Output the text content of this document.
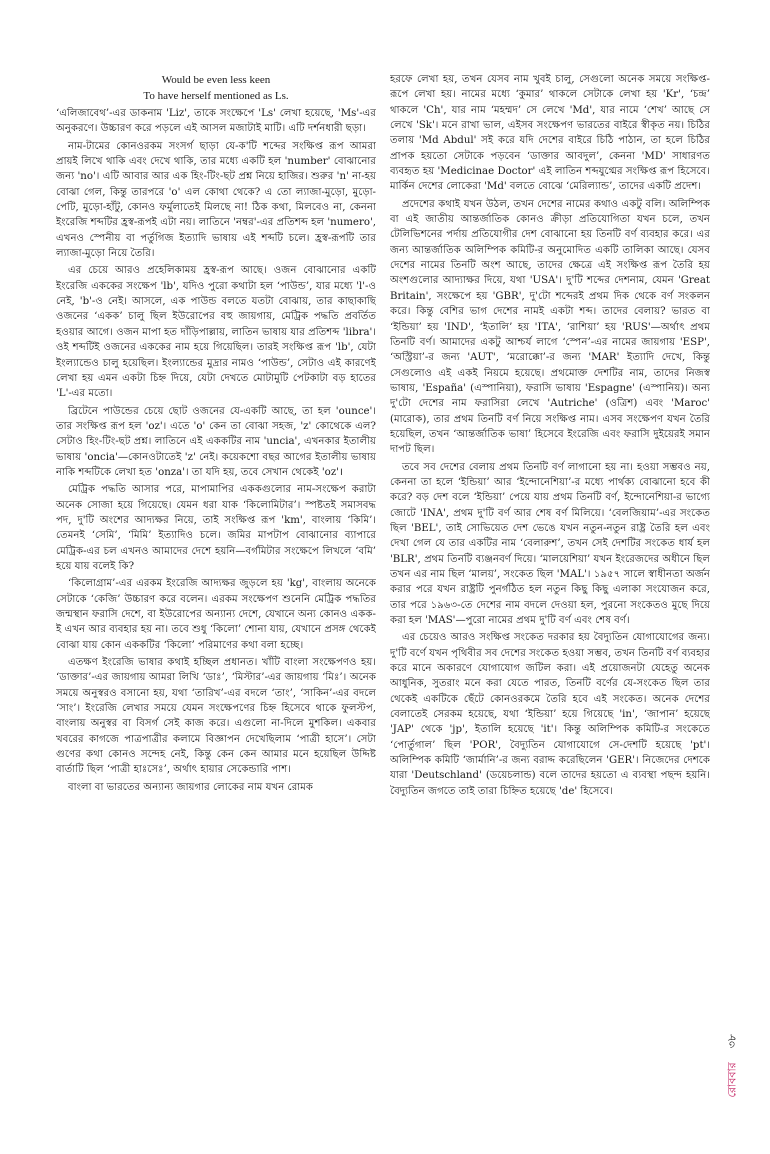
Would be even less keen
To have herself mentioned as Ls.

‘এলিজাবেথ’-এর ডাকনাম 'Liz', তাকে সংক্ষেপে 'Ls' লেখা হয়েছে, 'Ms'-এর অনুকরণে। উচ্চারণ করে পড়লে এই আসল মজাটাই মাটি। এটি দর্শনধারী ছড়া।

নাম-টামের কোনওরকম সংসর্গ ছাড়া যে-ক'টি শব্দের সংক্ষিপ্ত রূপ আমরা প্রায়ই লিখে থাকি এবং দেখে থাকি, তার মধ্যে একটি হল 'number' বোঝানোর জন্য 'no'। এটি আবার আর এক হিং-টিং-ছট প্রশ্ন নিয়ে হাজির। শুরুর 'n' না-হয় বোঝা গেল, কিন্তু তারপরে 'o' এল কোথা থেকে? এ তো ল্যাজা-মুড়ো, মুড়ো-পেটি, মুড়ো-হাঁটু, কোনও ফর্মুলাতেই মিলছে না! ঠিক কথা, মিলবেও না, কেননা ইংরেজি শব্দটির হ্রস্ব-রূপই এটা নয়। লাতিনে 'নম্বর'-এর প্রতিশব্দ হল 'numero', এখনও স্পেনীয় বা পর্তুগিজ ইত্যাদি ভাষায় এই শব্দটি চলে। হ্রস্ব-রূপটি তার ল্যাজা-মুড়ো নিয়ে তৈরি।

এর চেয়ে আরও প্রহেলিকাময় হ্রস্ব-রূপ আছে। ওজন বোঝানোর একটি ইংরেজি এককের সংক্ষেপ 'lb', যদিও পুরো কথাটা হল ‘পাউন্ড’, যার মধ্যে 'l'-ও নেই, 'b'-ও নেই। আসলে, এক পাউন্ড বলতে যতটা বোঝায়, তার কাছাকাছি ওজনের ‘একক’ চালু ছিল ইউরোপের বহু জায়গায়, মেট্রিক পদ্ধতি প্রবর্তিত হওয়ার আগে। ওজন মাপা হত দাঁড়িপাল্লায়, লাতিন ভাষায় যার প্রতিশব্দ 'libra'। ওই শব্দটিই ওজনের এককের নাম হয়ে গিয়েছিল। তারই সংক্ষিপ্ত রূপ 'lb', যেটা ইংল্যান্ডেও চালু হয়েছিল। ইংল্যান্ডের মুদ্রার নামও ‘পাউন্ড’, সেটাও এই কারণেই লেখা হয় এমন একটা চিহ্ন দিয়ে, যেটা দেখতে মোটামুটি পেটকাটা বড় হাতের 'L'-এর মতো।

ব্রিটেনে পাউন্ডের চেয়ে ছোট ওজনের যে-একটি আছে, তা হল 'ounce'। তার সংক্ষিপ্ত রূপ হল 'oz'। এতে 'o' কেন তা বোঝা সহজ, 'z' কোথেকে এল? সেটাও হিং-টিং-ছট প্রশ্ন। লাতিনে এই এককটির নাম 'uncia', এখনকার ইতালীয় ভাষায় 'oncia'—কোনওটাতেই 'z' নেই। কয়েকশো বছর আগের ইতালীয় ভাষায় নাকি শব্দটিকে লেখা হত 'onza'। তা যদি হয়, তবে সেখান থেকেই 'oz'।

মেট্রিক পদ্ধতি আসার পরে, মাপামাপির এককগুলোর নাম-সংক্ষেপ করাটা অনেক সোজা হয়ে গিয়েছে। যেমন ধরা যাক ‘কিলোমিটার’। স্পষ্টতই সমাসবদ্ধ পদ, দু'টি অংশের আদ্যক্ষর নিয়ে, তাই সংক্ষিপ্ত রূপ 'km', বাংলায় ‘কিমি’। তেমনই ‘সেমি’, ‘মিমি’ ইত্যাদিও চলে। জমির মাপটাপ বোঝানোর ব্যাপারে মেট্রিক-এর চল এখনও আমাদের দেশে হয়নি—বর্গমিটার সংক্ষেপে লিখলে ‘বমি’ হয়ে যায় বলেই কি?

‘কিলোগ্রাম’-এর এরকম ইংরেজি আদ্যক্ষর জুড়লে হয় 'kg', বাংলায় অনেকে সেটাকে ‘কেজি’ উচ্চারণ করে বলেন। এরকম সংক্ষেপণ শুনেনি মেট্রিক পদ্ধতির জন্মস্থান ফরাসি দেশে, বা ইউরোপের অন্যান্য দেশে, যেখানে অন্য কোনও একক-ই এখন আর ব্যবহার হয় না। তবে শুধু ‘কিলো’ শোনা যায়, যেখানে প্রসঙ্গ থেকেই বোঝা যায় কোন এককটির ‘কিলো’ পরিমাণের কথা বলা হচ্ছে।

এতক্ষণ ইংরেজি ভাষার কথাই হচ্ছিল প্রধানত। খাঁটি বাংলা সংক্ষেপণও হয়। ‘ডাক্তার’-এর জায়গায় আমরা লিখি ‘ডাঃ’, ‘মিস্টার’-এর জায়গায় ‘মিঃ’। অনেক সময়ে অনুস্বরও বসানো হয়, যথা ‘তারিখ’-এর বদলে ‘তাং’, ‘সাকিন’-এর বদলে ‘সাং’। ইংরেজি লেখার সময়ে যেমন সংক্ষেপণের চিহ্ন হিসেবে থাকে ফুলস্টপ, বাংলায় অনুস্বর বা বিসর্গ সেই কাজ করে। এগুলো না-দিলে মুশকিল। একবার খবরের কাগজে পাত্রপাত্রীর কলামে বিজ্ঞাপন দেখেছিলাম ‘পাত্রী হাসে’। সেটা গুণের কথা কোনও সন্দেহ নেই, কিন্তু কেন কেন আমার মনে হয়েছিল উদ্দিষ্ট বার্তাটি ছিল ‘পাত্রী হাঃসেঃ’, অর্থাৎ হায়ার সেকেন্ডারি পাশ।

বাংলা বা ভারতের অন্যান্য জায়গার লোকের নাম যখন রোমক

হরফে লেখা হয়, তখন যেসব নাম খুবই চালু, সেগুলো অনেক সময়ে সংক্ষিপ্ত-রূপে লেখা হয়। নামের মধ্যে ‘কুমার’ থাকলে সেটাকে লেখা হয় 'Kr', ‘চন্দ্র’ থাকলে 'Ch', যার নাম ‘মহম্মদ’ সে লেখে 'Md', যার নামে ‘শেখ’ আছে সে লেখে 'Sk'। মনে রাখা ভাল, এইসব সংক্ষেপণ ভারতের বাইরে স্বীকৃত নয়। চিঠির তলায় 'Md Abdul' সই করে যদি দেশের বাইরে চিঠি পাঠান, তা হলে চিঠির প্রাপক হয়তো সেটাকে পড়বেন ‘ডাক্তার আবদুল’, কেননা 'MD' সাধারণত ব্যবহৃত হয় 'Medicinae Doctor' এই লাতিন শব্দযুগ্মের সংক্ষিপ্ত রূপ হিসেবে। মার্কিন দেশের লোকেরা 'Md' বলতে বোঝে ‘মেরিল্যান্ড’, তাদের একটি প্রদেশ।

প্রদেশের কথাই যখন উঠল, তখন দেশের নামের কথাও একটু বলি। অলিম্পিক বা এই জাতীয় আন্তর্জাতিক কোনও ক্রীড়া প্রতিযোগিতা যখন চলে, তখন টেলিভিশনের পর্দায় প্রতিযোগীর দেশ বোঝানো হয় তিনটি বর্ণ ব্যবহার করে। এর জন্য আন্তর্জাতিক অলিম্পিক কমিটি-র অনুমোদিত একটি তালিকা আছে। যেসব দেশের নামের তিনটি অংশ আছে, তাদের ক্ষেত্রে এই সংক্ষিপ্ত রূপ তৈরি হয় অংশগুলোর আদ্যাক্ষর দিয়ে, যথা 'USA'। দু'টি শব্দের দেশনাম, যেমন 'Great Britain', সংক্ষেপে হয় 'GBR', দু'টো শব্দেরই প্রথম দিক থেকে বর্ণ সংকলন করে। কিন্তু বেশির ভাগ দেশের নামই একটা শব্দ। তাদের বেলায়? ভারত বা ‘ইন্ডিয়া’ হয় 'IND', ‘ইতালি’ হয় 'ITA', ‘রাশিয়া’ হয় 'RUS'—অর্থাৎ প্রথম তিনটি বর্ণ। আমাদের একটু আশ্চর্য লাগে ‘স্পেন’-এর নামের জায়গায় 'ESP', ‘অস্ট্রিয়া’-র জন্য 'AUT', ‘মরোক্কো’-র জন্য 'MAR' ইত্যাদি দেখে, কিন্তু সেগুলোও এই একই নিয়মে হয়েছে। প্রথমোক্ত দেশটির নাম, তাদের নিজস্ব ভাষায়, 'España' (এস্পানিয়া), ফরাসি ভাষায় 'Espagne' (এস্পানিয়)। অন্য দু'টো দেশের নাম ফরাসিরা লেখে 'Autriche' (ওত্রিশ) এবং 'Maroc' (মারোক), তার প্রথম তিনটি বর্ণ নিয়ে সংক্ষিপ্ত নাম। এসব সংক্ষেপণ যখন তৈরি হয়েছিল, তখন ‘আন্তর্জাতিক ভাষা’ হিসেবে ইংরেজি এবং ফরাসি দুইয়েরই সমান দাপট ছিল।

তবে সব দেশের বেলায় প্রথম তিনটি বর্ণ লাগানো হয় না। হওয়া সম্ভবও নয়, কেননা তা হলে ‘ইন্ডিয়া’ আর ‘ইন্দোনেশিয়া’-র মধ্যে পার্থক্য বোঝানো হবে কী করে? বড় দেশ বলে ‘ইন্ডিয়া’ পেয়ে যায় প্রথম তিনটি বর্ণ, ইন্দোনেশিয়া-র ভাগ্যে জোটে 'INA', প্রথম দু'টি বর্ণ আর শেষ বর্ণ মিলিয়ে। ‘বেলজিয়াম’-এর সংকেত ছিল 'BEL', তাই সোভিয়েত দেশ ভেঙে যখন নতুন-নতুন রাষ্ট্র তৈরি হল এবং দেখা গেল যে তার একটির নাম ‘বেলারুশ’, তখন সেই দেশটির সংকেত ধার্য হল 'BLR', প্রথম তিনটি ব্যঞ্জনবর্ণ দিয়ে। ‘মালয়েশিয়া’ যখন ইংরেজদের অধীনে ছিল তখন এর নাম ছিল ‘মালয়’, সংকেত ছিল 'MAL'। ১৯৫৭ সালে স্বাধীনতা অর্জন করার পরে যখন রাষ্ট্রটি পুনর্গঠিত হল নতুন কিছু কিছু এলাকা সংযোজন করে, তার পরে ১৯৬৩-তে দেশের নাম বদলে দেওয়া হল, পুরনো সংকেতও মুছে দিয়ে করা হল 'MAS'—পুরো নামের প্রথম দু'টি বর্ণ এবং শেষ বর্ণ।

এর চেয়েও আরও সংক্ষিপ্ত সংকেত দরকার হয় বৈদ্যুতিন যোগাযোগের জন্য। দু'টি বর্ণে যখন পৃথিবীর সব দেশের সংকেত হওয়া সম্ভব, তখন তিনটি বর্ণ ব্যবহার করে মানে অকারণে যোগাযোগ জটিল করা। এই প্রয়োজনটা যেহেতু অনেক আধুনিক, সুতরাং মনে করা যেতে পারত, তিনটি বর্ণের যে-সংকেত ছিল তার থেকেই একটিকে ছেঁটে কোনওরকমে তৈরি হবে এই সংকেত। অনেক দেশের বেলাতেই সেরকম হয়েছে, যথা ‘ইন্ডিয়া’ হয়ে গিয়েছে 'in', ‘জাপান’ হয়েছে 'JAP' থেকে 'jp', ইতালি হয়েছে 'it'। কিন্তু অলিম্পিক কমিটি-র সংকেতে ‘পোর্তুগাল’ ছিল 'POR', বৈদ্যুতিন যোগাযোগে সে-দেশটি হয়েছে 'pt'। অলিম্পিক কমিটি ‘জার্মানি’-র জন্য বরাদ্দ করেছিলেন 'GER'। নিজেদের দেশকে যারা 'Deutschland' (ডয়েচলান্ড) বলে তাদের হয়তো এ ব্যবস্থা পছন্দ হয়নি। বৈদ্যুতিন জগতে তাই তারা চিহ্নিত হয়েছে 'de' হিসেবে।

রোববার
৩৮
